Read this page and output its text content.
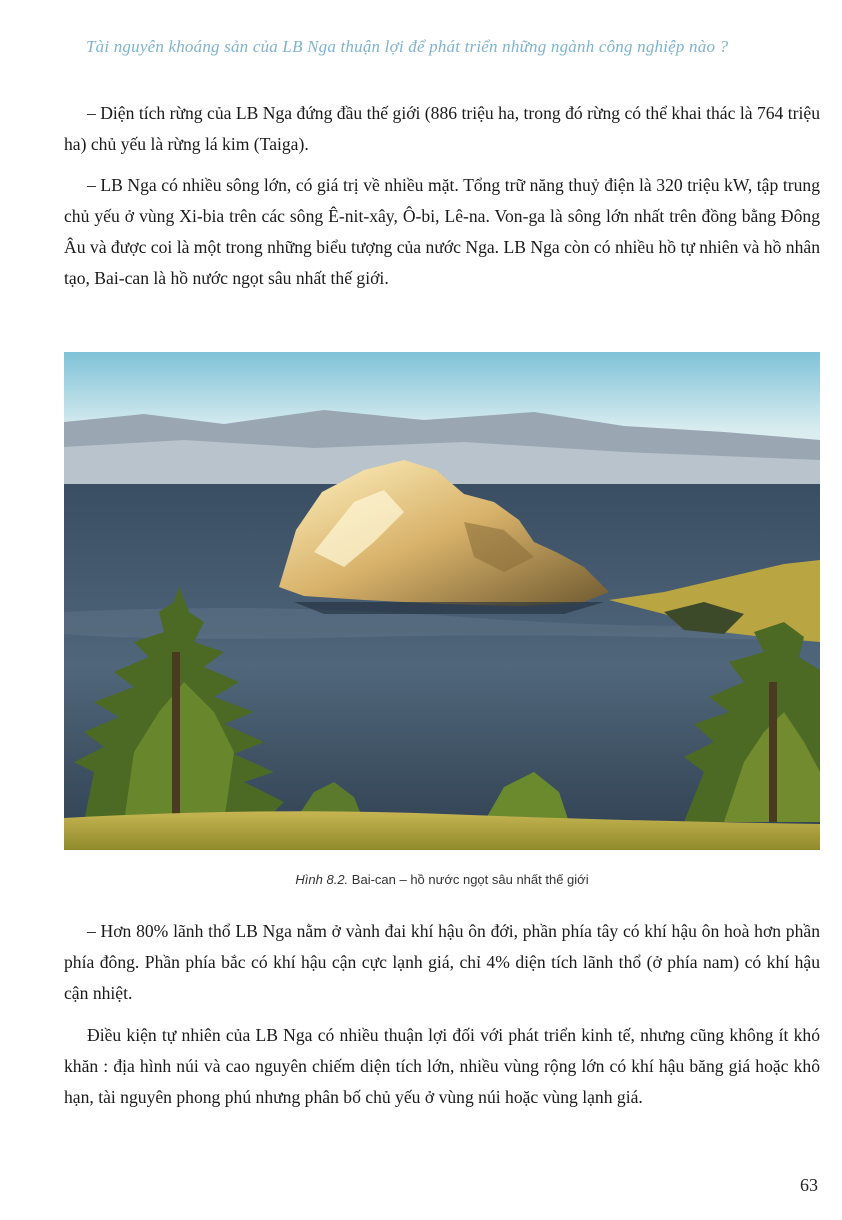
Tài nguyên khoáng sản của LB Nga thuận lợi để phát triển những ngành công nghiệp nào ?

– Diện tích rừng của LB Nga đứng đầu thế giới (886 triệu ha, trong đó rừng có thể khai thác là 764 triệu ha) chủ yếu là rừng lá kim (Taiga).

– LB Nga có nhiều sông lớn, có giá trị về nhiều mặt. Tổng trữ năng thuỷ điện là 320 triệu kW, tập trung chủ yếu ở vùng Xi-bia trên các sông Ê-nit-xây, Ô-bi, Lê-na. Von-ga là sông lớn nhất trên đồng bằng Đông Âu và được coi là một trong những biểu tượng của nước Nga. LB Nga còn có nhiều hồ tự nhiên và hồ nhân tạo, Bai-can là hồ nước ngọt sâu nhất thế giới.

Hình 8.2. Bai-can – hồ nước ngọt sâu nhất thế giới

– Hơn 80% lãnh thổ LB Nga nằm ở vành đai khí hậu ôn đới, phần phía tây có khí hậu ôn hoà hơn phần phía đông. Phần phía bắc có khí hậu cận cực lạnh giá, chỉ 4% diện tích lãnh thổ (ở phía nam) có khí hậu cận nhiệt.

Điều kiện tự nhiên của LB Nga có nhiều thuận lợi đối với phát triển kinh tế, nhưng cũng không ít khó khăn : địa hình núi và cao nguyên chiếm diện tích lớn, nhiều vùng rộng lớn có khí hậu băng giá hoặc khô hạn, tài nguyên phong phú nhưng phân bố chủ yếu ở vùng núi hoặc vùng lạnh giá.

63
